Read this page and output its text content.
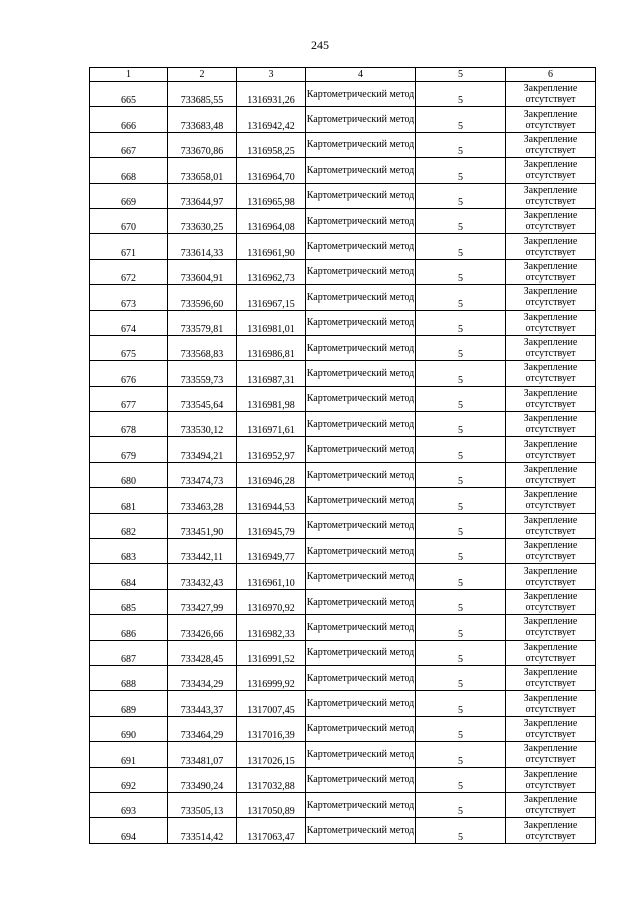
245
1	2	3	4	5	6
665	733685,55	1316931,26	Картометрический метод	5	Закрепление отсутствует
666	733683,48	1316942,42	Картометрический метод	5	Закрепление отсутствует
667	733670,86	1316958,25	Картометрический метод	5	Закрепление отсутствует
668	733658,01	1316964,70	Картометрический метод	5	Закрепление отсутствует
669	733644,97	1316965,98	Картометрический метод	5	Закрепление отсутствует
670	733630,25	1316964,08	Картометрический метод	5	Закрепление отсутствует
671	733614,33	1316961,90	Картометрический метод	5	Закрепление отсутствует
672	733604,91	1316962,73	Картометрический метод	5	Закрепление отсутствует
673	733596,60	1316967,15	Картометрический метод	5	Закрепление отсутствует
674	733579,81	1316981,01	Картометрический метод	5	Закрепление отсутствует
675	733568,83	1316986,81	Картометрический метод	5	Закрепление отсутствует
676	733559,73	1316987,31	Картометрический метод	5	Закрепление отсутствует
677	733545,64	1316981,98	Картометрический метод	5	Закрепление отсутствует
678	733530,12	1316971,61	Картометрический метод	5	Закрепление отсутствует
679	733494,21	1316952,97	Картометрический метод	5	Закрепление отсутствует
680	733474,73	1316946,28	Картометрический метод	5	Закрепление отсутствует
681	733463,28	1316944,53	Картометрический метод	5	Закрепление отсутствует
682	733451,90	1316945,79	Картометрический метод	5	Закрепление отсутствует
683	733442,11	1316949,77	Картометрический метод	5	Закрепление отсутствует
684	733432,43	1316961,10	Картометрический метод	5	Закрепление отсутствует
685	733427,99	1316970,92	Картометрический метод	5	Закрепление отсутствует
686	733426,66	1316982,33	Картометрический метод	5	Закрепление отсутствует
687	733428,45	1316991,52	Картометрический метод	5	Закрепление отсутствует
688	733434,29	1316999,92	Картометрический метод	5	Закрепление отсутствует
689	733443,37	1317007,45	Картометрический метод	5	Закрепление отсутствует
690	733464,29	1317016,39	Картометрический метод	5	Закрепление отсутствует
691	733481,07	1317026,15	Картометрический метод	5	Закрепление отсутствует
692	733490,24	1317032,88	Картометрический метод	5	Закрепление отсутствует
693	733505,13	1317050,89	Картометрический метод	5	Закрепление отсутствует
694	733514,42	1317063,47	Картометрический метод	5	Закрепление отсутствует
